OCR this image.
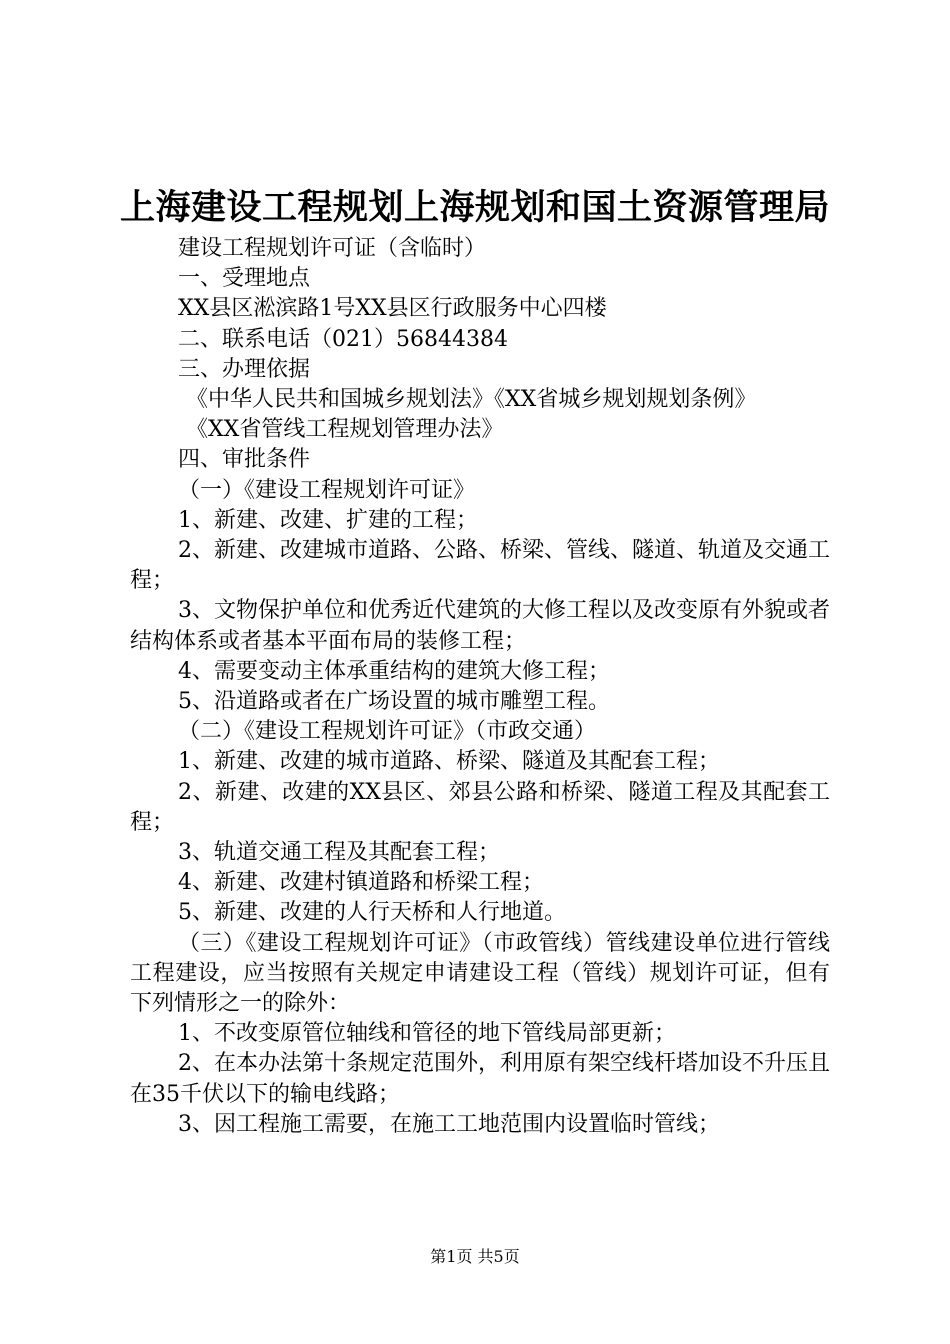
上海建设工程规划上海规划和国土资源管理局

建设工程规划许可证（含临时）

一、受理地点

XX县区淞滨路1号XX县区行政服务中心四楼

二、联系电话（021）56844384

三、办理依据

《中华人民共和国城乡规划法》《XX省城乡规划规划条例》

《XX省管线工程规划管理办法》

四、审批条件

（一）《建设工程规划许可证》

1、新建、改建、扩建的工程；

2、新建、改建城市道路、公路、桥梁、管线、隧道、轨道及交通工程；

3、文物保护单位和优秀近代建筑的大修工程以及改变原有外貌或者结构体系或者基本平面布局的装修工程；

4、需要变动主体承重结构的建筑大修工程；

5、沿道路或者在广场设置的城市雕塑工程。

（二）《建设工程规划许可证》（市政交通）

1、新建、改建的城市道路、桥梁、隧道及其配套工程；

2、新建、改建的XX县区、郊县公路和桥梁、隧道工程及其配套工程；

3、轨道交通工程及其配套工程；

4、新建、改建村镇道路和桥梁工程；

5、新建、改建的人行天桥和人行地道。

（三）《建设工程规划许可证》（市政管线）管线建设单位进行管线工程建设，应当按照有关规定申请建设工程（管线）规划许可证，但有下列情形之一的除外：

1、不改变原管位轴线和管径的地下管线局部更新；

2、在本办法第十条规定范围外，利用原有架空线杆塔加设不升压且在35千伏以下的输电线路；

3、因工程施工需要，在施工工地范围内设置临时管线；

第1页 共5页
